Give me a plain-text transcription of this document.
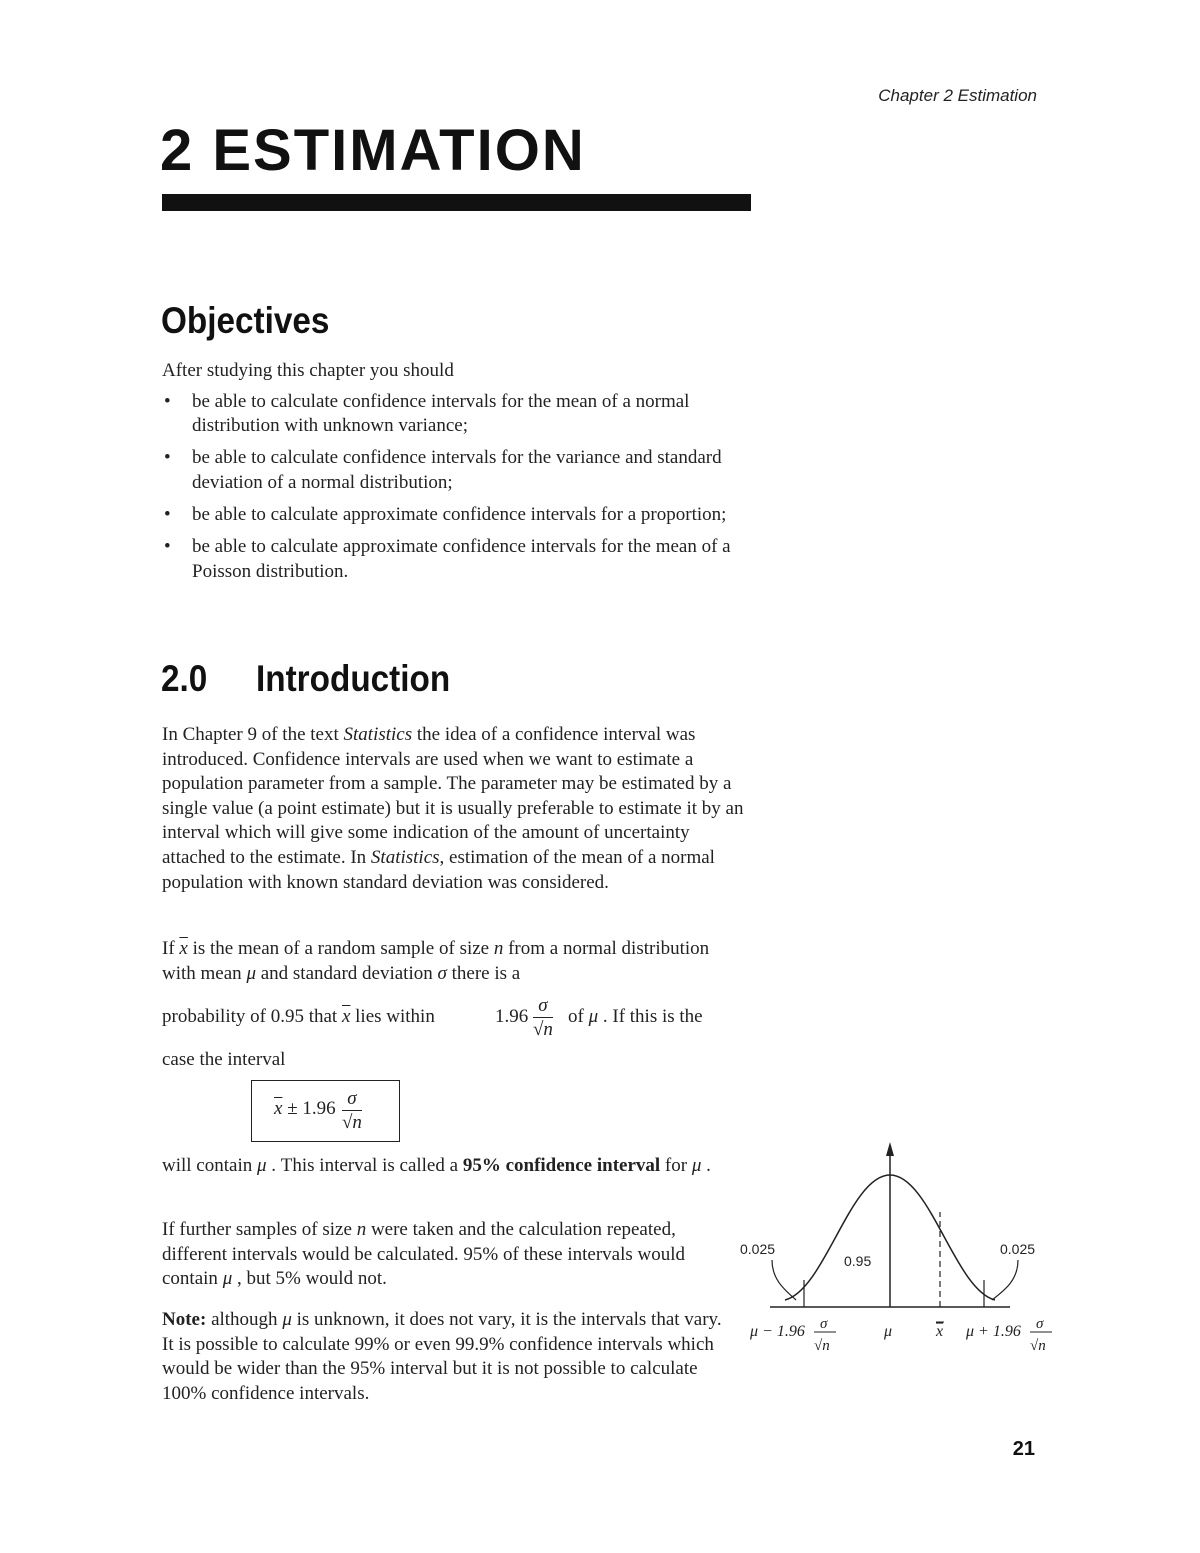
Chapter 2 Estimation
2 ESTIMATION
Objectives

After studying this chapter you should

• be able to calculate confidence intervals for the mean of a normal distribution with unknown variance;
• be able to calculate confidence intervals for the variance and standard deviation of a normal distribution;
• be able to calculate approximate confidence intervals for a proportion;
• be able to calculate approximate confidence intervals for the mean of a Poisson distribution.
2.0 Introduction

In Chapter 9 of the text Statistics the idea of a confidence interval was introduced. Confidence intervals are used when we want to estimate a population parameter from a sample. The parameter may be estimated by a single value (a point estimate) but it is usually preferable to estimate it by an interval which will give some indication of the amount of uncertainty attached to the estimate. In Statistics, estimation of the mean of a normal population with known standard deviation was considered.

If $\overline{x}$ is the mean of a random sample of size n from a normal distribution with mean μ and standard deviation σ there is a

probability of 0.95 that $\overline{x}$ lies within	$1.96 \frac{\sigma}{√n}$ of μ . If this is the

case the interval

$\overline{x} \pm 1.96 \frac{\sigma}{√n}$

will contain μ . This interval is called a 95% confidence interval for μ .

If further samples of size n were taken and the calculation repeated, different intervals would be calculated. 95% of these intervals would contain μ , but 5% would not.

Note: although μ is unknown, it does not vary, it is the intervals that vary. It is possible to calculate 99% or even 99.9% confidence intervals which would be wider than the 95% interval but it is not possible to calculate 100% confidence intervals.

0.025
0.95
0.025
μ − 1.96 σ
√n
μ	x μ + 1.96 σ
√n
21
